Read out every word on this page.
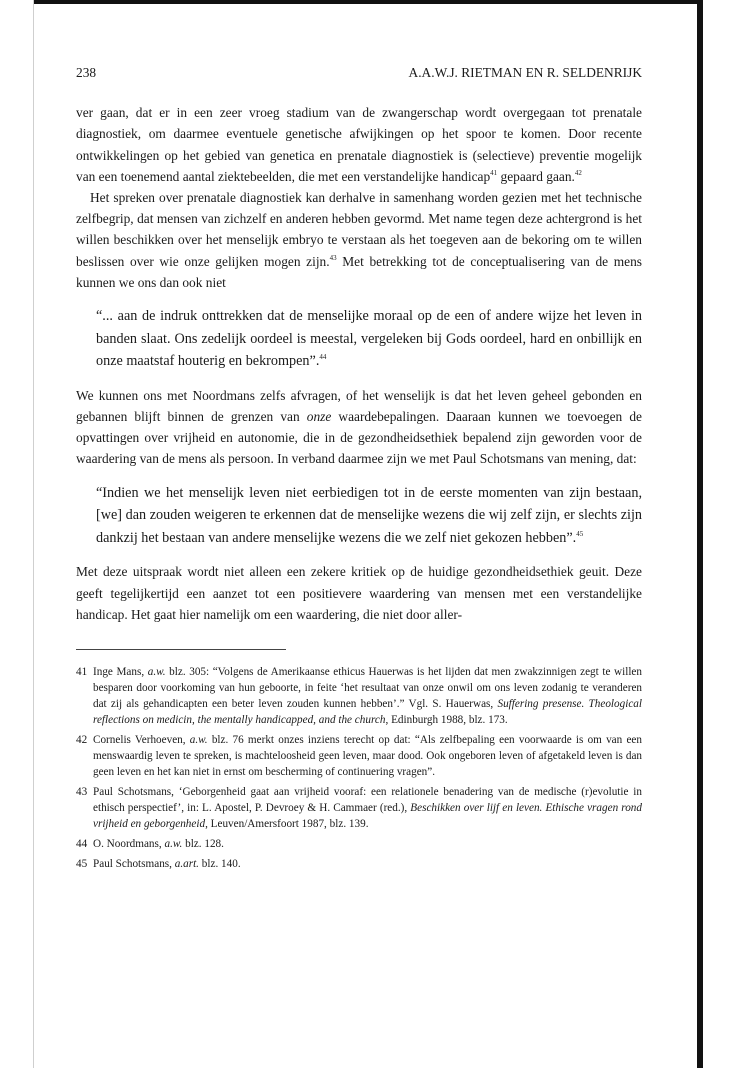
238	A.A.W.J. RIETMAN EN R. SELDENRIJK

ver gaan, dat er in een zeer vroeg stadium van de zwangerschap wordt overgegaan tot prenatale diagnostiek, om daarmee eventuele genetische afwijkingen op het spoor te komen. Door recente ontwikkelingen op het gebied van genetica en prenatale diagnostiek is (selectieve) preventie mogelijk van een toenemend aantal ziektebeelden, die met een verstandelijke handicap$^{41}$ gepaard gaan.$^{42}$

Het spreken over prenatale diagnostiek kan derhalve in samenhang worden gezien met het technische zelfbegrip, dat mensen van zichzelf en anderen hebben gevormd. Met name tegen deze achtergrond is het willen beschikken over het menselijk embryo te verstaan als het toegeven aan de bekoring om te willen beslissen over wie onze gelijken mogen zijn.$^{43}$ Met betrekking tot de conceptualisering van de mens kunnen we ons dan ook niet

“... aan de indruk onttrekken dat de menselijke moraal op de een of andere wijze het leven in banden slaat. Ons zedelijk oordeel is meestal, vergeleken bij Gods oordeel, hard en onbillijk en onze maatstaf houterig en bekrompen”.$^{44}$

We kunnen ons met Noordmans zelfs afvragen, of het wenselijk is dat het leven geheel gebonden en gebannen blijft binnen de grenzen van onze waardebepalingen. Daaraan kunnen we toevoegen de opvattingen over vrijheid en autonomie, die in de gezondheidsethiek bepalend zijn geworden voor de waardering van de mens als persoon. In verband daarmee zijn we met Paul Schotsmans van mening, dat:

“Indien we het menselijk leven niet eerbiedigen tot in de eerste momenten van zijn bestaan, [we] dan zouden weigeren te erkennen dat de menselijke wezens die wij zelf zijn, er slechts zijn dankzij het bestaan van andere menselijke wezens die we zelf niet gekozen hebben”.$^{45}$

Met deze uitspraak wordt niet alleen een zekere kritiek op de huidige gezondheidsethiek geuit. Deze geeft tegelijkertijd een aanzet tot een positievere waardering van mensen met een verstandelijke handicap. Het gaat hier namelijk om een waardering, die niet door aller-

41 Inge Mans, a.w. blz. 305: “Volgens de Amerikaanse ethicus Hauerwas is het lijden dat men zwakzinnigen zegt te willen besparen door voorkoming van hun geboorte, in feite ‘het resultaat van onze onwil om ons leven zodanig te veranderen dat zij als gehandicapten een beter leven zouden kunnen hebben’.” Vgl. S. Hauerwas, Suffering presense. Theological reflections on medicin, the mentally handicapped, and the church, Edinburgh 1988, blz. 173.
42 Cornelis Verhoeven, a.w. blz. 76 merkt onzes inziens terecht op dat: “Als zelfbepaling een voorwaarde is om van een menswaardig leven te spreken, is machteloosheid geen leven, maar dood. Ook ongeboren leven of afgetakeld leven is dan geen leven en het kan niet in ernst om bescherming of continuering vragen”.
43 Paul Schotsmans, ‘Geborgenheid gaat aan vrijheid vooraf: een relationele benadering van de medische (r)evolutie in ethisch perspectief’, in: L. Apostel, P. Devroey & H. Cammaer (red.), Beschikken over lijf en leven. Ethische vragen rond vrijheid en geborgenheid, Leuven/Amersfoort 1987, blz. 139.
44 O. Noordmans, a.w. blz. 128.
45 Paul Schotsmans, a.art. blz. 140.
